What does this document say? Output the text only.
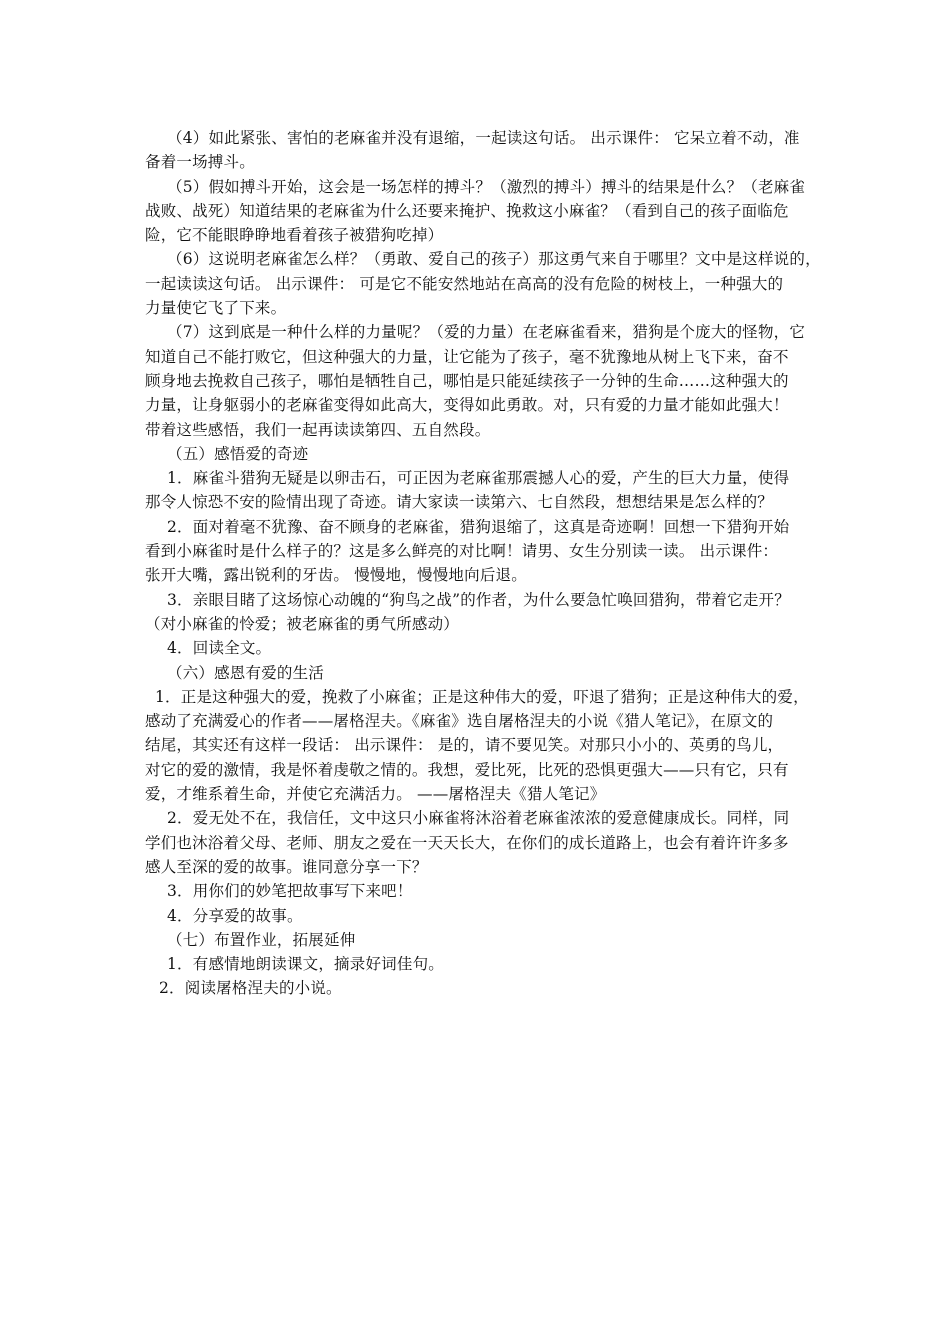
（4）如此紧张、害怕的老麻雀并没有退缩，一起读这句话。 出示课件： 它呆立着不动，准
备着一场搏斗。
（5）假如搏斗开始，这会是一场怎样的搏斗？（激烈的搏斗）搏斗的结果是什么？（老麻雀
战败、战死）知道结果的老麻雀为什么还要来掩护、挽救这小麻雀？（看到自己的孩子面临危
险，它不能眼睁睁地看着孩子被猎狗吃掉）
（6）这说明老麻雀怎么样？（勇敢、爱自己的孩子）那这勇气来自于哪里？文中是这样说的，
一起读读这句话。 出示课件： 可是它不能安然地站在高高的没有危险的树枝上，一种强大的
力量使它飞了下来。
（7）这到底是一种什么样的力量呢？（爱的力量）在老麻雀看来，猎狗是个庞大的怪物，它
知道自己不能打败它，但这种强大的力量，让它能为了孩子，毫不犹豫地从树上飞下来，奋不
顾身地去挽救自己孩子，哪怕是牺牲自己，哪怕是只能延续孩子一分钟的生命……这种强大的
力量，让身躯弱小的老麻雀变得如此高大，变得如此勇敢。对，只有爱的力量才能如此强大！
带着这些感悟，我们一起再读读第四、五自然段。
（五）感悟爱的奇迹
1．麻雀斗猎狗无疑是以卵击石，可正因为老麻雀那震撼人心的爱，产生的巨大力量，使得
那令人惊恐不安的险情出现了奇迹。请大家读一读第六、七自然段，想想结果是怎么样的？
2．面对着毫不犹豫、奋不顾身的老麻雀，猎狗退缩了，这真是奇迹啊！回想一下猎狗开始
看到小麻雀时是什么样子的？这是多么鲜亮的对比啊！请男、女生分别读一读。 出示课件：
张开大嘴，露出锐利的牙齿。 慢慢地，慢慢地向后退。
3．亲眼目睹了这场惊心动魄的“狗鸟之战”的作者，为什么要急忙唤回猎狗，带着它走开？
（对小麻雀的怜爱；被老麻雀的勇气所感动）
4．回读全文。
（六）感恩有爱的生活
1．正是这种强大的爱，挽救了小麻雀；正是这种伟大的爱，吓退了猎狗；正是这种伟大的爱，
感动了充满爱心的作者——屠格涅夫。《麻雀》选自屠格涅夫的小说《猎人笔记》，在原文的
结尾，其实还有这样一段话： 出示课件： 是的，请不要见笑。对那只小小的、英勇的鸟儿，
对它的爱的激情，我是怀着虔敬之情的。我想，爱比死，比死的恐惧更强大——只有它，只有
爱，才维系着生命，并使它充满活力。 ——屠格涅夫《猎人笔记》
2．爱无处不在，我信任，文中这只小麻雀将沐浴着老麻雀浓浓的爱意健康成长。同样，同
学们也沐浴着父母、老师、朋友之爱在一天天长大，在你们的成长道路上，也会有着许许多多
感人至深的爱的故事。谁同意分享一下？
3．用你们的妙笔把故事写下来吧！
4．分享爱的故事。
（七）布置作业，拓展延伸
1．有感情地朗读课文，摘录好词佳句。
2．阅读屠格涅夫的小说。
